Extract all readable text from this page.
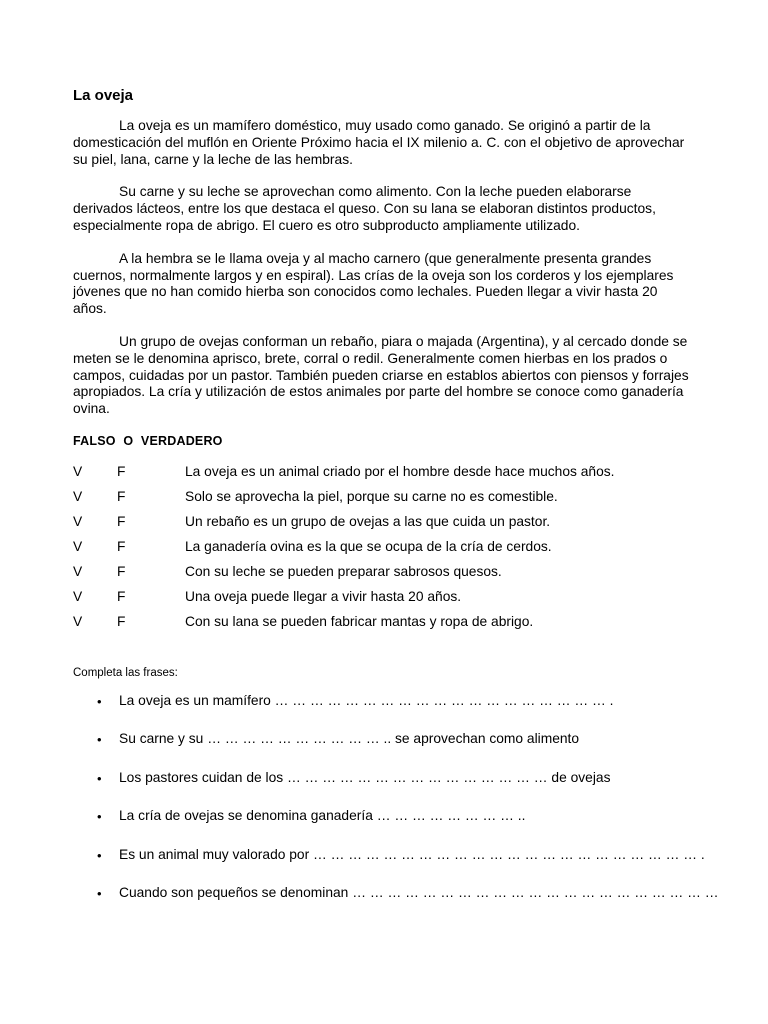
La oveja

La oveja es un mamífero doméstico, muy usado como ganado. Se originó a partir de la domesticación del muflón en Oriente Próximo hacia el IX milenio a. C. con el objetivo de aprovechar su piel, lana, carne y la leche de las hembras.

Su carne y su leche se aprovechan como alimento. Con la leche pueden elaborarse derivados lácteos, entre los que destaca el queso. Con su lana se elaboran distintos productos, especialmente ropa de abrigo. El cuero es otro subproducto ampliamente utilizado.

A la hembra se le llama oveja y al macho carnero (que generalmente presenta grandes cuernos, normalmente largos y en espiral). Las crías de la oveja son los corderos y los ejemplares jóvenes que no han comido hierba son conocidos como lechales. Pueden llegar a vivir hasta 20 años.

Un grupo de ovejas conforman un rebaño, piara o majada (Argentina), y al cercado donde se meten se le denomina aprisco, brete, corral o redil. Generalmente comen hierbas en los prados o campos, cuidadas por un pastor. También pueden criarse en establos abiertos con piensos y forrajes apropiados. La cría y utilización de estos animales por parte del hombre se conoce como ganadería ovina.

FALSO O VERDADERO
V	F	La oveja es un animal criado por el hombre desde hace muchos años.
V	F	Solo se aprovecha la piel, porque su carne no es comestible.
V	F	Un rebaño es un grupo de ovejas a las que cuida un pastor.
V	F	La ganadería ovina es la que se ocupa de la cría de cerdos.
V	F	Con su leche se pueden preparar sabrosos quesos.
V	F	Una oveja puede llegar a vivir hasta 20 años.
V	F	Con su lana se pueden fabricar mantas y ropa de abrigo.
Completa las frases:
• La oveja es un mamífero … … … … … … … … … … … … … … … … … … … .
• Su carne y su … … … … … … … … … … .. se aprovechan como alimento
• Los pastores cuidan de los … … … … … … … … … … … … … … … de ovejas
• La cría de ovejas se denomina ganadería … … … … … … … … ..
• Es un animal muy valorado por … … … … … … … … … … … … … … … … … … … … … … .
• Cuando son pequeños se denominan … … … … … … … … … … … … … … … … … … … … …
